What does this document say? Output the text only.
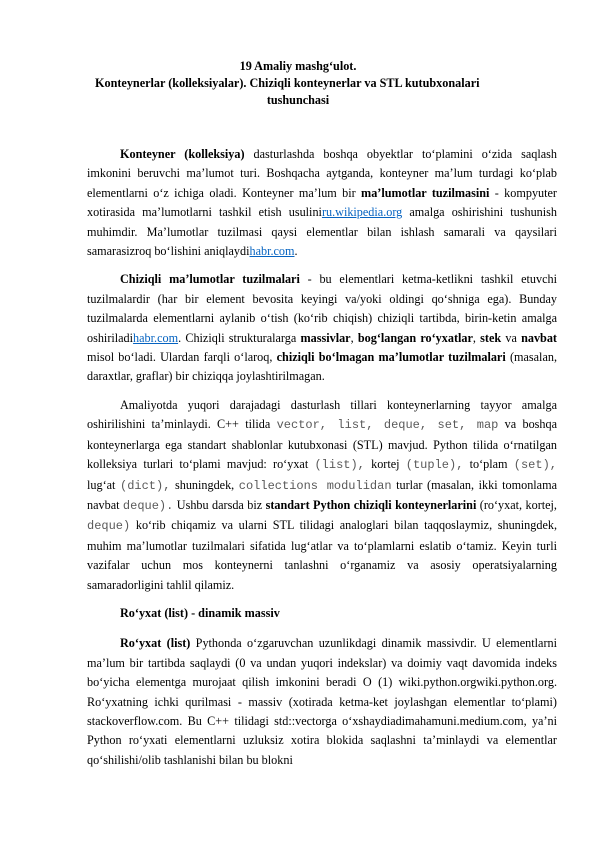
19 Amaliy mashg‘ulot.
Konteynerlar (kolleksiyalar). Chiziqli konteynerlar va STL kutubxonalari
tushunchasi

Konteyner (kolleksiya) dasturlashda boshqa obyektlar to‘plamini o‘zida saqlash imkonini beruvchi ma’lumot turi. Boshqacha aytganda, konteyner ma’lum turdagi ko‘plab elementlarni o‘z ichiga oladi. Konteyner ma’lum bir ma’lumotlar tuzilmasini - kompyuter xotirasida ma’lumotlarni tashkil etish usuliniru.wikipedia.org amalga oshirishini tushunish muhimdir. Ma’lumotlar tuzilmasi qaysi elementlar bilan ishlash samarali va qaysilari samarasizroq bo‘lishini aniqlaydihabr.com.

Chiziqli ma’lumotlar tuzilmalari - bu elementlari ketma-ketlikni tashkil etuvchi tuzilmalardir (har bir element bevosita keyingi va/yoki oldingi qo‘shniga ega). Bunday tuzilmalarda elementlarni aylanib o‘tish (ko‘rib chiqish) chiziqli tartibda, birin-ketin amalga oshiriladihabr.com. Chiziqli strukturalarga massivlar, bog‘langan ro‘yxatlar, stek va navbat misol bo‘ladi. Ulardan farqli o‘laroq, chiziqli bo‘lmagan ma’lumotlar tuzilmalari (masalan, daraxtlar, graflar) bir chiziqqa joylashtirilmagan.

Amaliyotda yuqori darajadagi dasturlash tillari konteynerlarning tayyor amalga oshirilishini ta’minlaydi. C++ tilida vector, list, deque, set, map va boshqa konteynerlarga ega standart shablonlar kutubxonasi (STL) mavjud. Python tilida o‘rnatilgan kolleksiya turlari to‘plami mavjud: ro‘yxat (list), kortej (tuple), to‘plam (set), lug‘at (dict), shuningdek, collections modulidan turlar (masalan, ikki tomonlama navbat deque). Ushbu darsda biz standart Python chiziqli konteynerlarini (ro‘yxat, kortej, deque) ko‘rib chiqamiz va ularni STL tilidagi analoglari bilan taqqoslaymiz, shuningdek, muhim ma’lumotlar tuzilmalari sifatida lug‘atlar va to‘plamlarni eslatib o‘tamiz. Keyin turli vazifalar uchun mos konteynerni tanlashni o‘rganamiz va asosiy operatsiyalarning samaradorligini tahlil qilamiz.

Ro‘yxat (list) - dinamik massiv

Ro‘yxat (list) Pythonda o‘zgaruvchan uzunlikdagi dinamik massivdir. U elementlarni ma’lum bir tartibda saqlaydi (0 va undan yuqori indekslar) va doimiy vaqt davomida indeks bo‘yicha elementga murojaat qilish imkonini beradi O (1) wiki.python.orgwiki.python.org. Ro‘yxatning ichki qurilmasi - massiv (xotirada ketma-ket joylashgan elementlar to‘plami) stackoverflow.com. Bu C++ tilidagi std::vectorga o‘xshaydiadimahamuni.medium.com, ya’ni Python ro‘yxati elementlarni uzluksiz xotira blokida saqlashni ta’minlaydi va elementlar qo‘shilishi/olib tashlanishi bilan bu blokni
